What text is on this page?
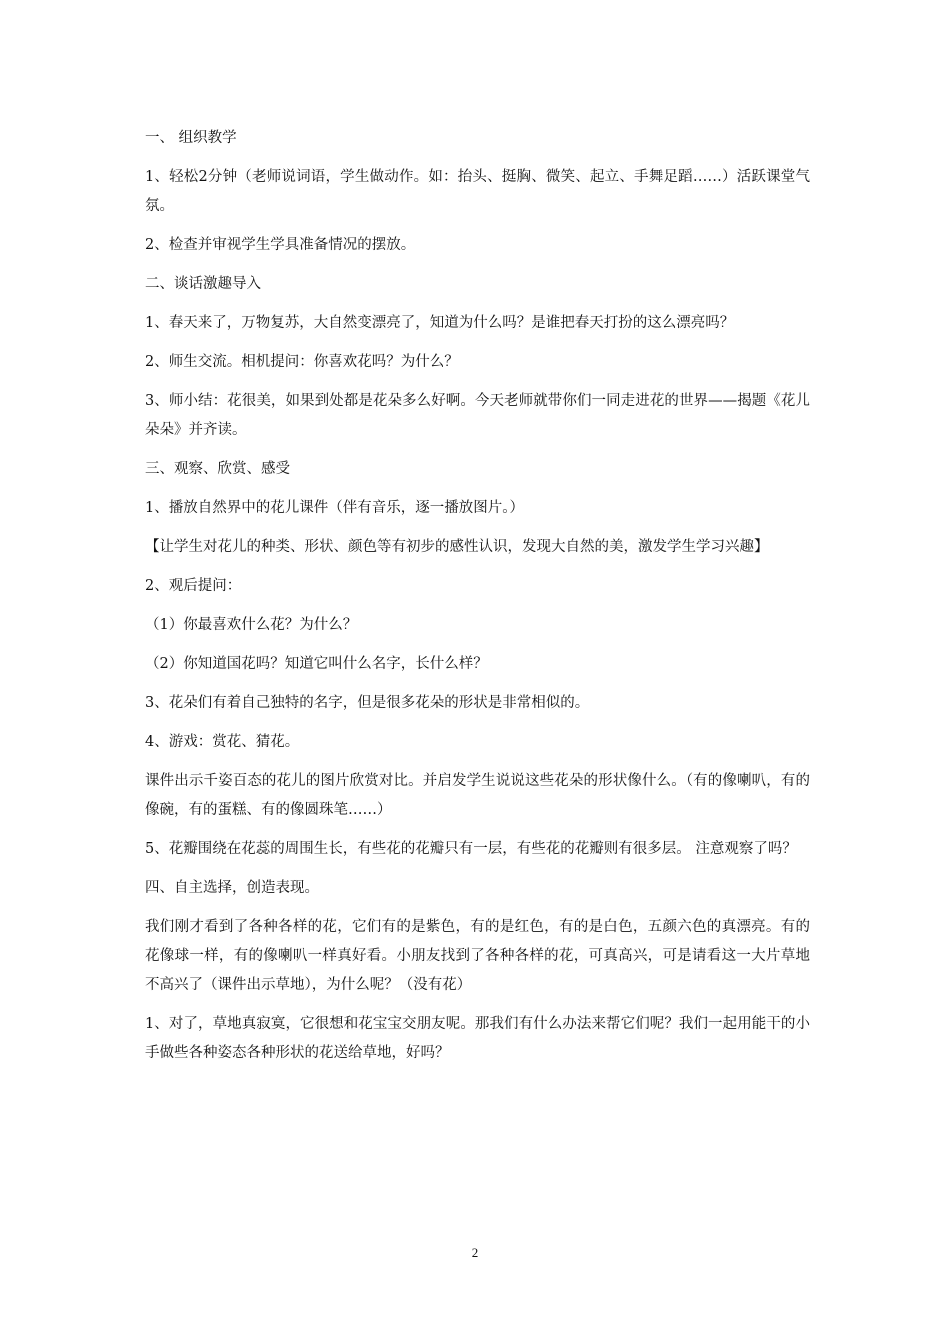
一、 组织教学

1、轻松2分钟（老师说词语，学生做动作。如：抬头、挺胸、微笑、起立、手舞足蹈……）活跃课堂气氛。

2、检查并审视学生学具准备情况的摆放。

二、谈话激趣导入

1、春天来了，万物复苏，大自然变漂亮了，知道为什么吗？是谁把春天打扮的这么漂亮吗？

2、师生交流。相机提问：你喜欢花吗？为什么？

3、师小结：花很美，如果到处都是花朵多么好啊。今天老师就带你们一同走进花的世界——揭题《花儿朵朵》并齐读。

三、观察、欣赏、感受

1、播放自然界中的花儿课件（伴有音乐，逐一播放图片。）

【让学生对花儿的种类、形状、颜色等有初步的感性认识，发现大自然的美，激发学生学习兴趣】

2、观后提问：

（1）你最喜欢什么花？为什么？

（2）你知道国花吗？知道它叫什么名字，长什么样？

3、花朵们有着自己独特的名字，但是很多花朵的形状是非常相似的。

4、游戏：赏花、猜花。

课件出示千姿百态的花儿的图片欣赏对比。并启发学生说说这些花朵的形状像什么。（有的像喇叭，有的像碗，有的蛋糕、有的像圆珠笔……）

5、花瓣围绕在花蕊的周围生长，有些花的花瓣只有一层，有些花的花瓣则有很多层。 注意观察了吗？

四、自主选择，创造表现。

我们刚才看到了各种各样的花，它们有的是紫色，有的是红色，有的是白色，五颜六色的真漂亮。有的花像球一样，有的像喇叭一样真好看。小朋友找到了各种各样的花，可真高兴，可是请看这一大片草地不高兴了（课件出示草地），为什么呢？（没有花）

1、对了，草地真寂寞，它很想和花宝宝交朋友呢。那我们有什么办法来帮它们呢？我们一起用能干的小手做些各种姿态各种形状的花送给草地，好吗？

2
